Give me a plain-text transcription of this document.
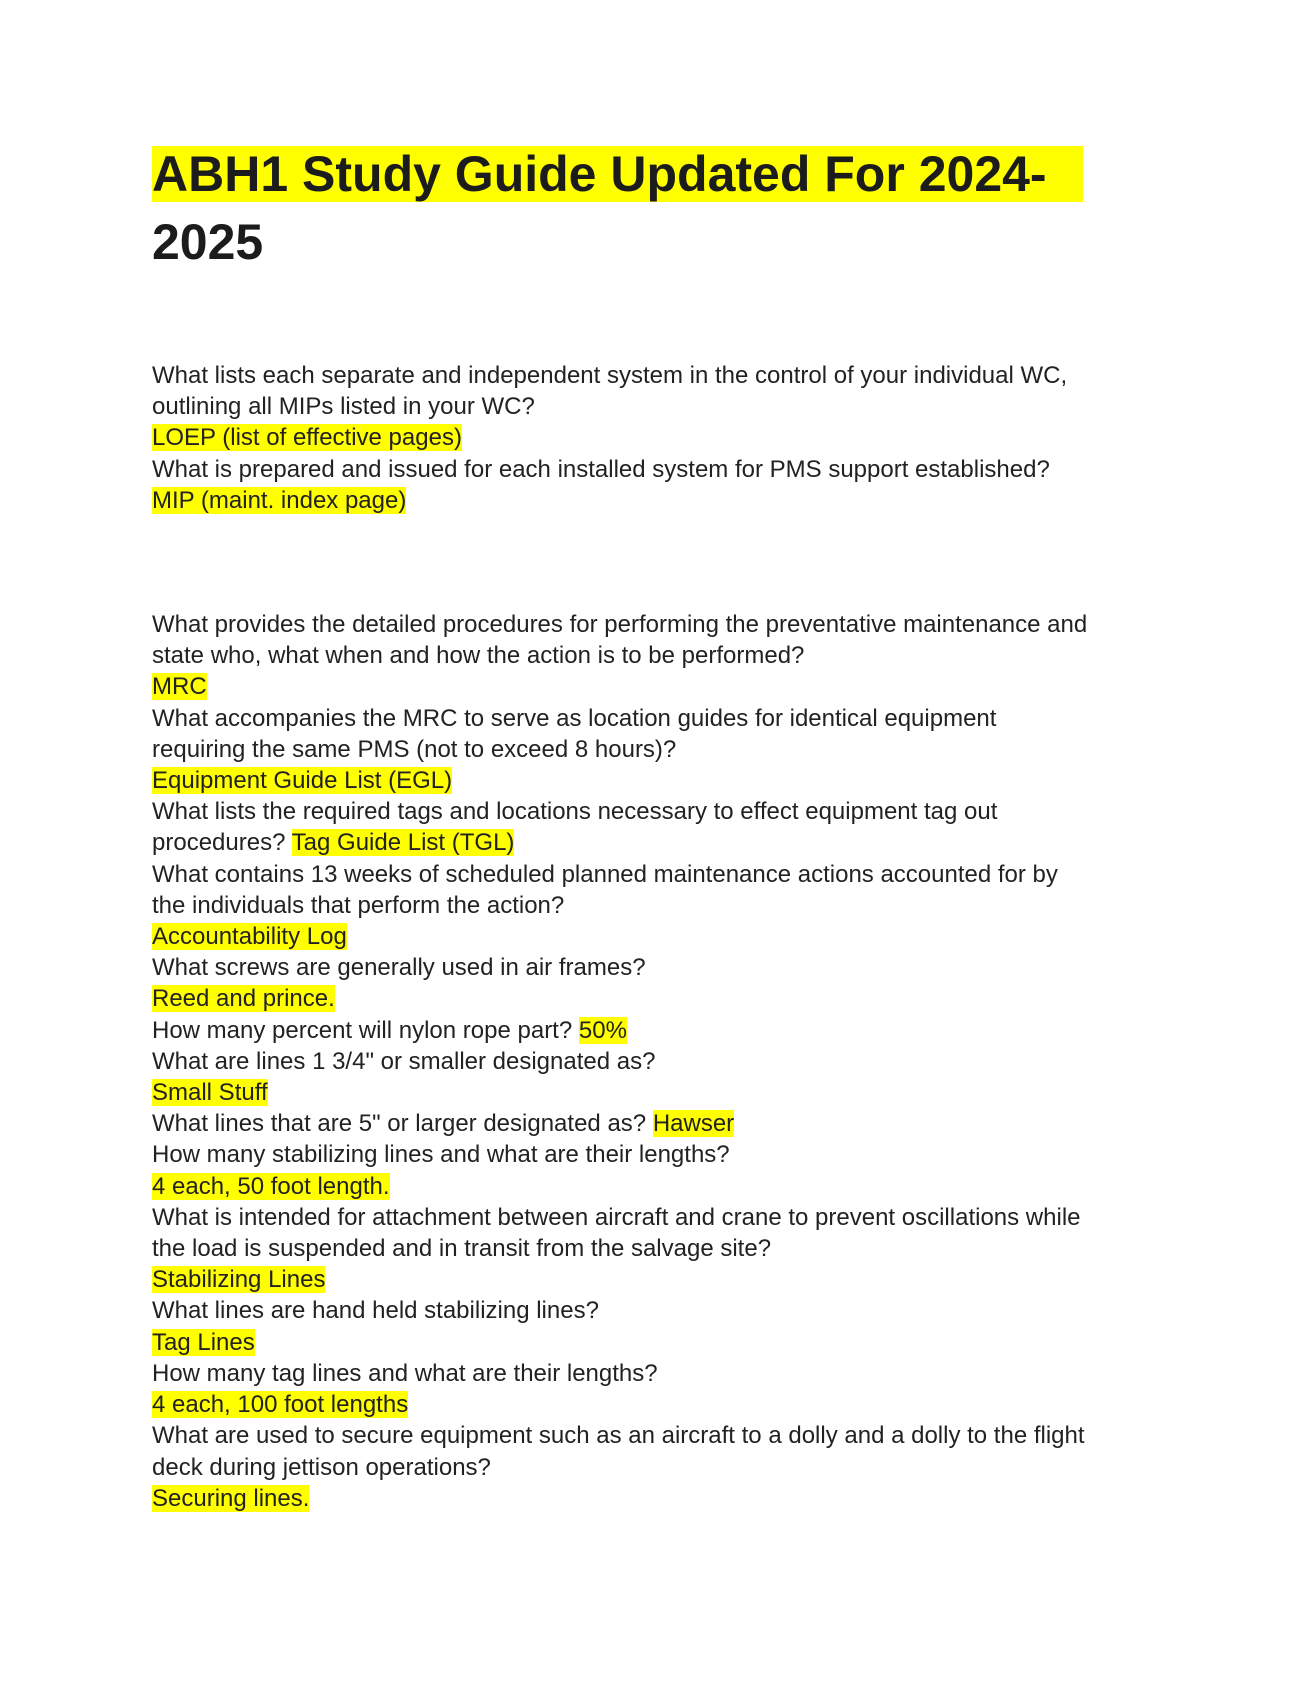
ABH1 Study Guide Updated For 2024-
2025
What lists each separate and independent system in the control of your individual WC,
outlining all MIPs listed in your WC?
LOEP (list of effective pages)
What is prepared and issued for each installed system for PMS support established?
MIP (maint. index page)
What provides the detailed procedures for performing the preventative maintenance and
state who, what when and how the action is to be performed?
MRC
What accompanies the MRC to serve as location guides for identical equipment
requiring the same PMS (not to exceed 8 hours)?
Equipment Guide List (EGL)
What lists the required tags and locations necessary to effect equipment tag out
procedures? Tag Guide List (TGL)
What contains 13 weeks of scheduled planned maintenance actions accounted for by
the individuals that perform the action?
Accountability Log
What screws are generally used in air frames?
Reed and prince.
How many percent will nylon rope part? 50%
What are lines 1 3/4" or smaller designated as?
Small Stuff
What lines that are 5" or larger designated as? Hawser
How many stabilizing lines and what are their lengths?
4 each, 50 foot length.
What is intended for attachment between aircraft and crane to prevent oscillations while
the load is suspended and in transit from the salvage site?
Stabilizing Lines
What lines are hand held stabilizing lines?
Tag Lines
How many tag lines and what are their lengths?
4 each, 100 foot lengths
What are used to secure equipment such as an aircraft to a dolly and a dolly to the flight
deck during jettison operations?
Securing lines.
